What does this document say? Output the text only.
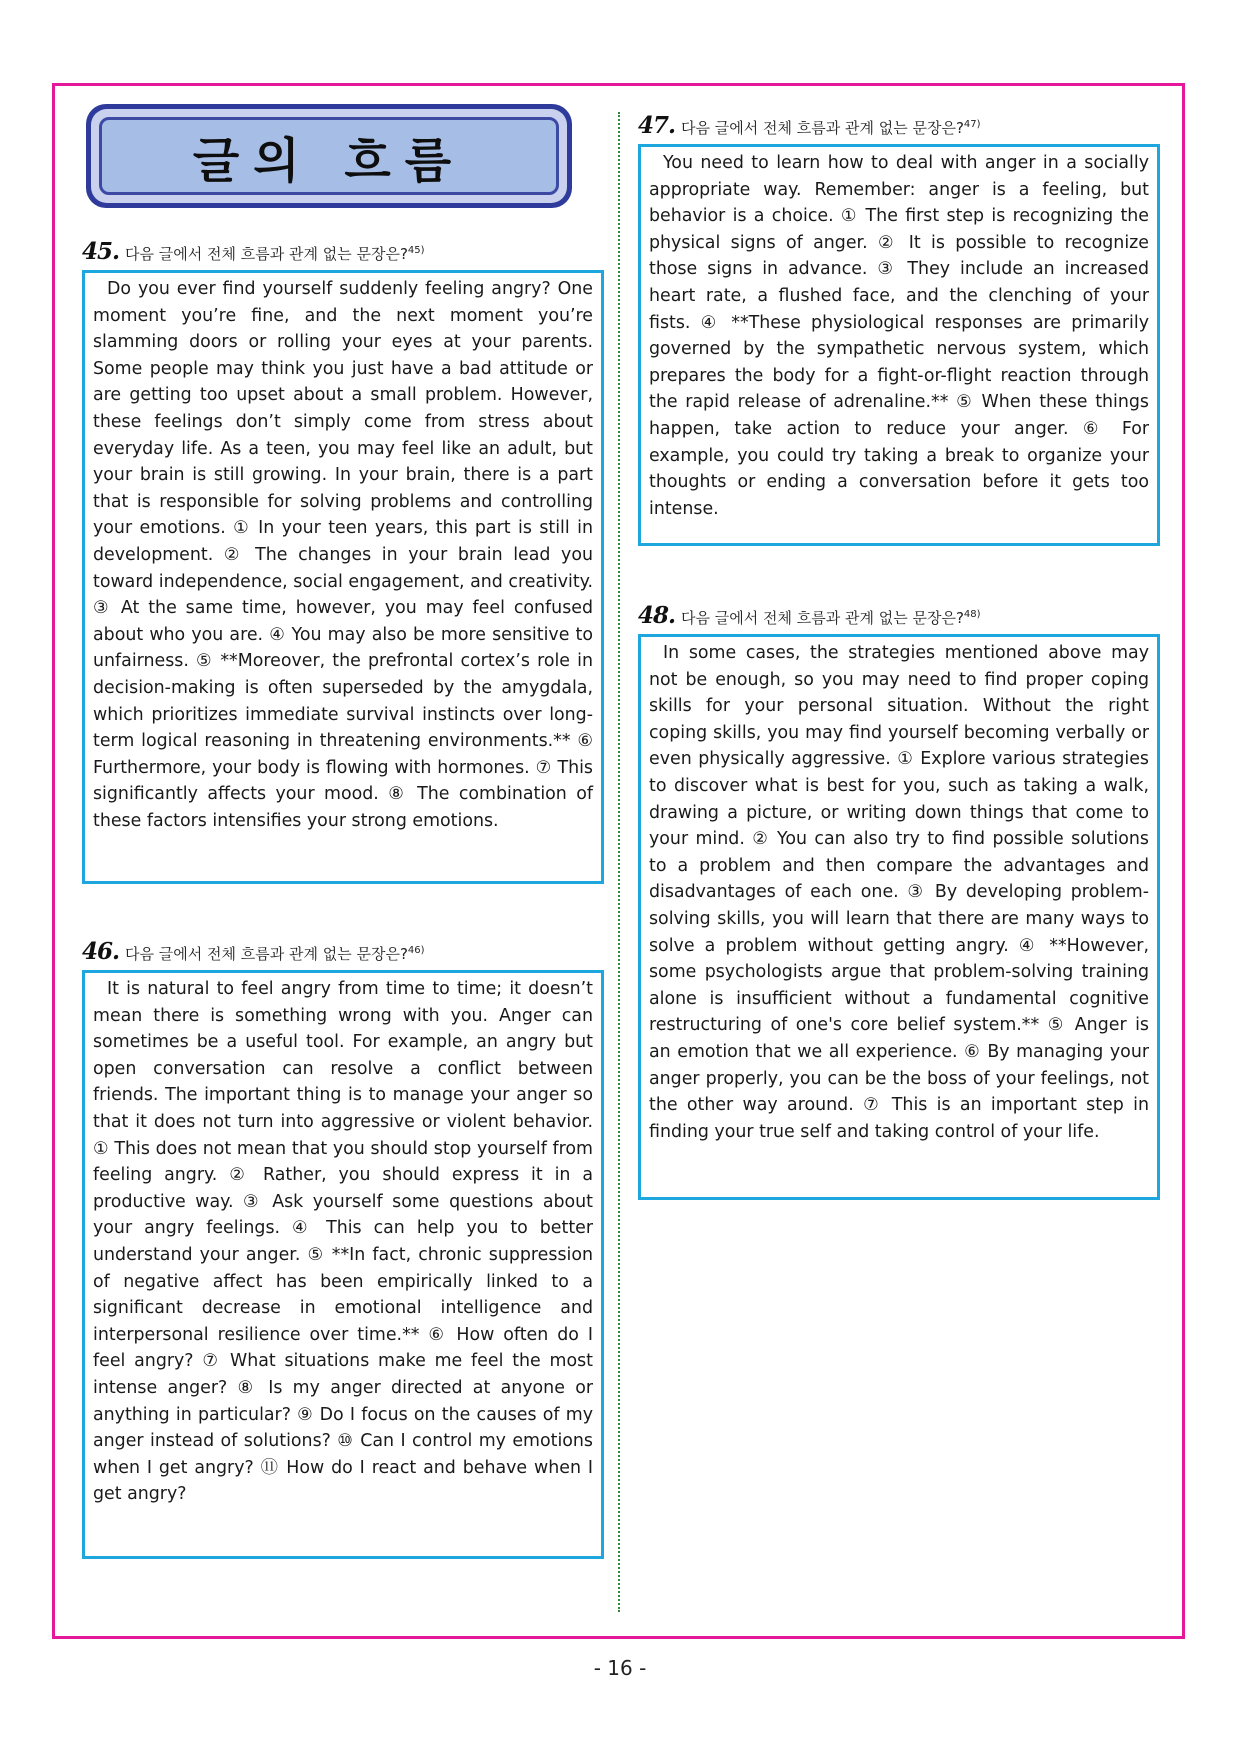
글의 흐름
45. 다음 글에서 전체 흐름과 관계 없는 문장은?$^{45)}$

Do you ever find yourself suddenly feeling angry? One moment you’re fine, and the next moment you’re slamming doors or rolling your eyes at your parents. Some people may think you just have a bad attitude or are getting too upset about a small problem. However, these feelings don’t simply come from stress about everyday life. As a teen, you may feel like an adult, but your brain is still growing. In your brain, there is a part that is responsible for solving problems and controlling your emotions. ① In your teen years, this part is still in development. ② The changes in your brain lead you toward independence, social engagement, and creativity. ③ At the same time, however, you may feel confused about who you are. ④ You may also be more sensitive to unfairness. ⑤ **Moreover, the prefrontal cortex’s role in decision-making is often superseded by the amygdala, which prioritizes immediate survival instincts over long-term logical reasoning in threatening environments.** ⑥ Furthermore, your body is flowing with hormones. ⑦ This significantly affects your mood. ⑧ The combination of these factors intensifies your strong emotions.

46. 다음 글에서 전체 흐름과 관계 없는 문장은?$^{46)}$

It is natural to feel angry from time to time; it doesn’t mean there is something wrong with you. Anger can sometimes be a useful tool. For example, an angry but open conversation can resolve a conflict between friends. The important thing is to manage your anger so that it does not turn into aggressive or violent behavior. ① This does not mean that you should stop yourself from feeling angry. ② Rather, you should express it in a productive way. ③ Ask yourself some questions about your angry feelings. ④ This can help you to better understand your anger. ⑤ **In fact, chronic suppression of negative affect has been empirically linked to a significant decrease in emotional intelligence and interpersonal resilience over time.** ⑥ How often do I feel angry? ⑦ What situations make me feel the most intense anger? ⑧ Is my anger directed at anyone or anything in particular? ⑨ Do I focus on the causes of my anger instead of solutions? ⑩ Can I control my emotions when I get angry? ⑪ How do I react and behave when I get angry?

47. 다음 글에서 전체 흐름과 관계 없는 문장은?$^{47)}$

You need to learn how to deal with anger in a socially appropriate way. Remember: anger is a feeling, but behavior is a choice. ① The first step is recognizing the physical signs of anger. ② It is possible to recognize those signs in advance. ③ They include an increased heart rate, a flushed face, and the clenching of your fists. ④ **These physiological responses are primarily governed by the sympathetic nervous system, which prepares the body for a fight-or-flight reaction through the rapid release of adrenaline.** ⑤ When these things happen, take action to reduce your anger. ⑥ For example, you could try taking a break to organize your thoughts or ending a conversation before it gets too intense.

48. 다음 글에서 전체 흐름과 관계 없는 문장은?$^{48)}$

In some cases, the strategies mentioned above may not be enough, so you may need to find proper coping skills for your personal situation. Without the right coping skills, you may find yourself becoming verbally or even physically aggressive. ① Explore various strategies to discover what is best for you, such as taking a walk, drawing a picture, or writing down things that come to your mind. ② You can also try to find possible solutions to a problem and then compare the advantages and disadvantages of each one. ③ By developing problem-solving skills, you will learn that there are many ways to solve a problem without getting angry. ④ **However, some psychologists argue that problem-solving training alone is insufficient without a fundamental cognitive restructuring of one's core belief system.** ⑤ Anger is an emotion that we all experience. ⑥ By managing your anger properly, you can be the boss of your feelings, not the other way around. ⑦ This is an important step in finding your true self and taking control of your life.

- 16 -
